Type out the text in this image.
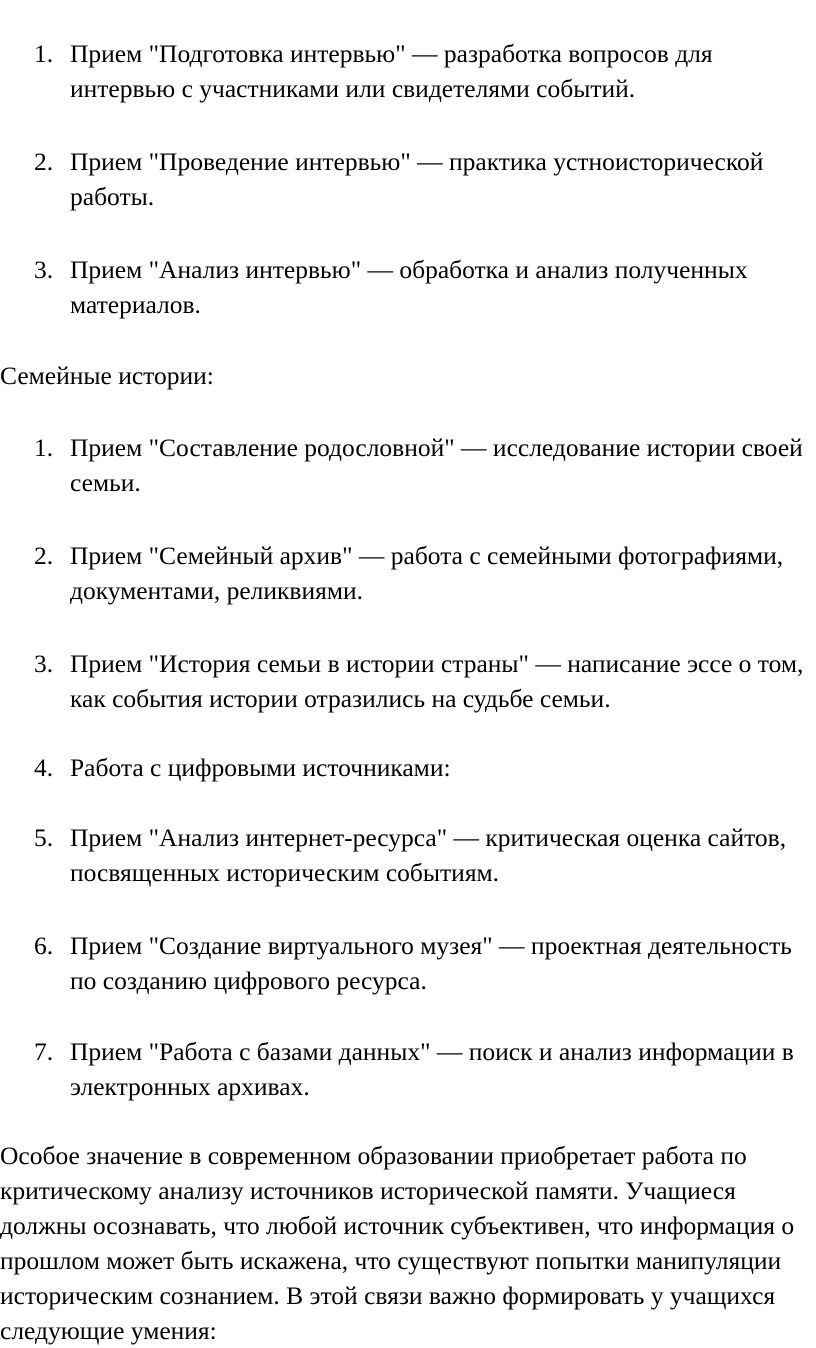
1. Прием "Подготовка интервью" — разработка вопросов для интервью с участниками или свидетелями событий.
2. Прием "Проведение интервью" — практика устноисторической работы.
3. Прием "Анализ интервью" — обработка и анализ полученных материалов.

Семейные истории:

1. Прием "Составление родословной" — исследование истории своей семьи.
2. Прием "Семейный архив" — работа с семейными фотографиями, документами, реликвиями.
3. Прием "История семьи в истории страны" — написание эссе о том, как события истории отразились на судьбе семьи.
4. Работа с цифровыми источниками:
5. Прием "Анализ интернет-ресурса" — критическая оценка сайтов, посвященных историческим событиям.
6. Прием "Создание виртуального музея" — проектная деятельность по созданию цифрового ресурса.
7. Прием "Работа с базами данных" — поиск и анализ информации в электронных архивах.

Особое значение в современном образовании приобретает работа по критическому анализу источников исторической памяти. Учащиеся должны осознавать, что любой источник субъективен, что информация о прошлом может быть искажена, что существуют попытки манипуляции историческим сознанием. В этой связи важно формировать у учащихся следующие умения:
